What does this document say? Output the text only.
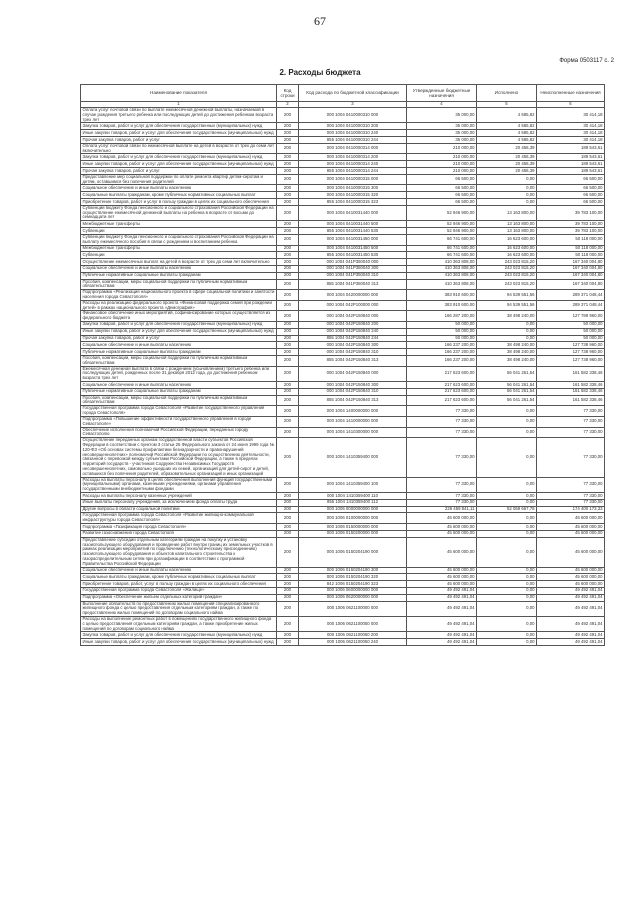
67
Форма 0503117 с. 2
2. Расходы бюджета
Наименование показателя	Код строки	Код расхода по бюджетной классификации	Утвержденные бюджетные назначения	Исполнено	Неисполненные назначения
1	2	3	4	5	6
Оплата услуг почтовой связи по выплате ежемесячной денежной выплаты, назначаемой в случае рождения третьего ребенка или последующих детей до достижения ребенком возраста трех лет	200	000 1004 0410000310 000	35 000,00	4 585,82	30 414,18
Закупка товаров, работ и услуг для обеспечения государственных (муниципальных) нужд	200	000 1004 0410000310 200	35 000,00	4 585,82	30 414,18
Иные закупки товаров, работ и услуг для обеспечения государственных (муниципальных) нужд	200	000 1004 0410000310 240	35 000,00	4 585,82	30 414,18
Прочая закупка товаров, работ и услуг	200	855 1004 0410000310 244	35 000,00	4 585,82	30 414,18
Оплата услуг почтовой связи по ежемесячной выплате на детей в возрасте от трех до семи лет включительно	200	000 1004 0410000314 000	210 000,00	20 456,39	189 543,61
Закупка товаров, работ и услуг для обеспечения государственных (муниципальных) нужд	200	000 1004 0410000314 200	210 000,00	20 456,39	189 543,61
Иные закупки товаров, работ и услуг для обеспечения государственных (муниципальных) нужд	200	000 1004 0410000314 240	210 000,00	20 456,39	189 543,61
Прочая закупка товаров, работ и услуг	200	855 1004 0410000314 244	210 000,00	20 456,39	189 543,61
Предоставление мер социальной поддержки по оплате ремонта квартир детям-сиротам и детям, оставшимся без попечения родителей	200	000 1004 0410000315 000	66 500,00	0,00	66 500,00
Социальное обеспечение и иные выплаты населению	200	000 1004 0410000315 300	66 500,00	0,00	66 500,00
Социальные выплаты гражданам, кроме публичных нормативных социальных выплат	200	000 1004 0410000315 320	66 500,00	0,00	66 500,00
Приобретение товаров, работ и услуг в пользу граждан в целях их социального обеспечения	200	855 1004 0410000315 323	66 500,00	0,00	66 500,00
Субвенции бюджету Фонда пенсионного и социального страхования Российской Федерации на осуществление ежемесячной денежной выплаты на ребенка в возрасте от восьми до семнадцати лет	200	000 1004 0410031440 000	52 946 900,00	13 163 800,00	39 783 100,00
Межбюджетные трансферты	200	000 1004 0410031440 500	52 946 900,00	13 163 800,00	39 783 100,00
Субвенции	200	855 1004 0410031440 530	52 946 900,00	13 163 800,00	39 783 100,00
Субвенции бюджету Фонда пенсионного и социального страхования Российской Федерации на выплату ежемесячного пособия в связи с рождением и воспитанием ребенка	200	000 1004 0410031450 000	66 741 600,00	16 623 600,00	50 118 000,00
Межбюджетные трансферты	200	000 1004 0410031450 500	66 741 600,00	16 623 600,00	50 118 000,00
Субвенции	200	855 1004 0410031450 530	66 741 600,00	16 623 600,00	50 118 000,00
Осуществление ежемесячных выплат на детей в возрасте от трех до семи лет включительно	200	000 1004 041P350040 000	410 363 808,00	243 023 815,20	167 340 004,80
Социальное обеспечение и иные выплаты населению	200	000 1004 041P350040 300	410 363 808,00	243 023 815,20	167 340 004,80
Публичные нормативные социальные выплаты гражданам	200	000 1004 041P350040 310	410 363 808,00	243 023 815,20	167 340 004,80
Пособия, компенсации, меры социальной поддержки по публичным нормативным обязательствам	200	855 1004 041P350040 313	410 363 808,00	243 023 815,20	167 340 004,80
Подпрограмма «Реализация национального проекта в сфере социальной политики и занятости населения города Севастополя»	200	000 1004 0420000000 000	383 910 600,00	94 539 551,56	289 371 048,44
Расходы на реализацию федерального проекта «Финансовая поддержка семей при рождении детей» в рамках национального проекта «Демография»	200	000 1004 042P100000 000	383 910 600,00	94 539 551,56	289 371 048,44
Финансовое обеспечение иных мероприятий, софинансирование которых осуществляется из федерального бюджета	200	000 1004 042P150840 000	166 287 200,00	38 498 240,00	127 788 960,00
Закупка товаров, работ и услуг для обеспечения государственных (муниципальных) нужд	200	000 1004 042P150840 200	50 000,00	0,00	50 000,00
Иные закупки товаров, работ и услуг для обеспечения государственных (муниципальных) нужд	200	000 1004 042P150840 240	50 000,00	0,00	50 000,00
Прочая закупка товаров, работ и услуг	200	855 1004 042P150840 244	50 000,00	0,00	50 000,00
Социальное обеспечение и иные выплаты населению	200	000 1004 042P150840 300	166 237 200,00	38 498 240,00	127 738 960,00
Публичные нормативные социальные выплаты гражданам	200	000 1004 042P150840 310	166 237 200,00	38 498 240,00	127 738 960,00
Пособия, компенсации, меры социальной поддержки по публичным нормативным обязательствам	200	855 1004 042P150840 313	166 237 200,00	38 498 240,00	127 738 960,00
Ежемесячная денежная выплата в связи с рождением (усыновлением) третьего ребенка или последующих детей, рожденных после 31 декабря 2012 года, до достижения ребенком возраста трех лет	200	000 1004 042P150840 000	217 623 600,00	56 041 261,54	161 582 338,46
Социальное обеспечение и иные выплаты населению	200	000 1004 042P150840 300	217 623 600,00	56 041 261,54	161 582 338,46
Публичные нормативные социальные выплаты гражданам	200	000 1004 042P150840 310	217 623 600,00	56 041 261,54	161 582 338,46
Пособия, компенсации, меры социальной поддержки по публичным нормативным обязательствам	200	855 1004 042P150840 313	217 623 600,00	56 041 261,54	161 582 338,46
Государственная программа города Севастополя «Развитие государственного управления города Севастополя»	200	000 1004 1400000000 000	77 330,00	0,00	77 330,00
Подпрограмма «Повышение эффективности государственного управления в городе Севастополе»	200	000 1004 1410000000 000	77 330,00	0,00	77 330,00
Обеспечение исполнения полномочий Российской Федерации, переданных городу Севастополю	200	000 1004 1410300000 000	77 330,00	0,00	77 330,00
Осуществление переданных органам государственной власти субъектов Российской Федерации в соответствии с пунктом 3 статьи 25 Федерального закона от 24 июня 1999 года № 120-ФЗ «Об основах системы профилактики безнадзорности и правонарушений несовершеннолетних» полномочий Российской Федерации по осуществлению деятельности, связанной с перевозкой между субъектами Российской Федерации, а также в пределах территорий государств - участников Содружества Независимых Государств несовершеннолетних, самовольно ушедших из семей, организаций для детей-сирот и детей, оставшихся без попечения родителей, образовательных организаций и иных организаций	200	000 1004 1410359400 000	77 330,00	0,00	77 330,00
Расходы на выплаты персоналу в целях обеспечения выполнения функций государственными (муниципальными) органами, казенными учреждениями, органами управления государственными внебюджетными фондами	200	000 1004 1410359400 100	77 330,00	0,00	77 330,00
Расходы на выплаты персоналу казенных учреждений	200	000 1004 1410359400 110	77 330,00	0,00	77 330,00
Иные выплаты персоналу учреждений, за исключением фонда оплаты труда	200	855 1004 1410359400 112	77 330,00	0,00	77 330,00
Другие вопросы в области социальной политики	200	000 1006 0000000000 000	226 459 841,11	52 059 667,78	174 400 173,33
Государственная программа города Севастополя «Развитие жилищно-коммунальной инфраструктуры города Севастополя»	200	000 1006 0100000000 000	45 600 000,00	0,00	45 600 000,00
Подпрограмма «Газификация города Севастополя»	200	000 1006 0150000000 000	45 600 000,00	0,00	45 600 000,00
Развитие газоснабжения города Севастополя	200	000 1006 0150200000 000	45 600 000,00	0,00	45 600 000,00
Предоставление субсидии отдельным категориям граждан на покупку и установку газоиспользующего оборудования и проведение работ внутри границ их земельных участков в рамках реализации мероприятий по подключению (технологическому присоединению) газоиспользующего оборудования и объектов капитального строительства к газораспределительным сетям при догазификации в соответствии с программой Правительства Российской Федерации	200	000 1006 0150204190 000	45 600 000,00	0,00	45 600 000,00
Социальное обеспечение и иные выплаты населению	200	000 1006 0150204190 300	45 600 000,00	0,00	45 600 000,00
Социальные выплаты гражданам, кроме публичных нормативных социальных выплат	200	000 1006 0150204190 320	45 600 000,00	0,00	45 600 000,00
Приобретение товаров, работ, услуг в пользу граждан в целях их социального обеспечения	200	842 1006 0150204190 323	45 600 000,00	0,00	45 600 000,00
Государственная программа города Севастополя «Жилище»	200	000 1006 0600000000 000	49 492 491,04	0,00	49 492 491,04
Подпрограмма «Обеспечение жильем отдельных категорий граждан»	200	000 1006 0620000000 000	49 492 491,04	0,00	49 492 491,04
Выполнение обязательств по предоставлению жилых помещений специализированного жилищного фонда с целью предоставления отдельным категориям граждан, а также по предоставлению жилых помещений по договорам социального найма	200	000 1006 0621100000 000	49 492 491,04	0,00	49 492 491,04
Расходы на выполнение ремонтных работ в помещениях государственного жилищного фонда с целью предоставления отдельным категориям граждан, а также приобретение жилых помещений по договорам социального найма	200	000 1006 0621100050 000	49 492 491,04	0,00	49 492 491,04
Закупка товаров, работ и услуг для обеспечения государственных (муниципальных) нужд	200	000 1006 0621100050 200	49 492 491,04	0,00	49 492 491,04
Иные закупки товаров, работ и услуг для обеспечения государственных (муниципальных) нужд	200	000 1006 0621100050 240	49 492 491,04	0,00	49 492 491,04
